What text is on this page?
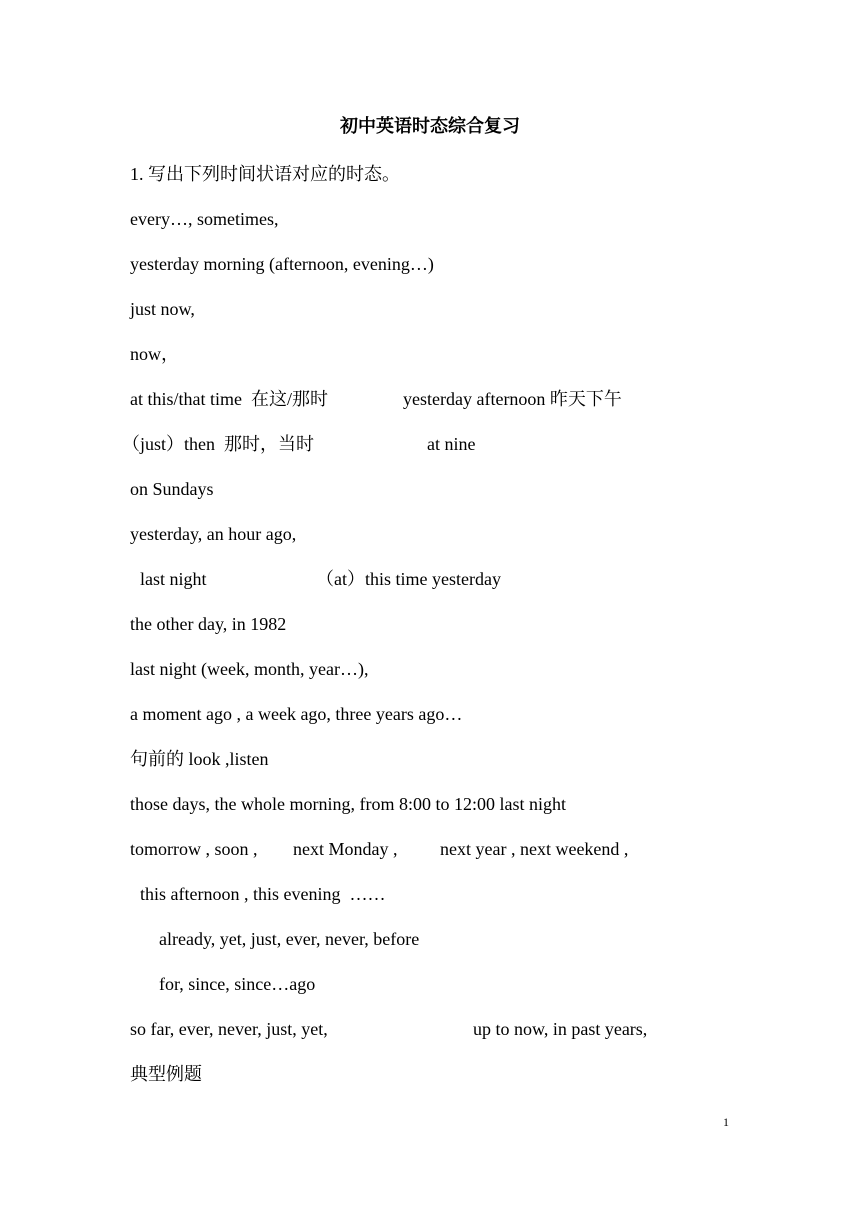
初中英语时态综合复习
1. 写出下列时间状语对应的时态。
every…, sometimes,
yesterday morning (afternoon, evening…)
just now,
now，

at this/that time  在这/那时

	yesterday afternoon 昨天下午

（just）then  那时，当时

	at nine

on Sundays
yesterday, an hour ago,

last night

	（at）this time yesterday

the other day, in 1982
last night (week, month, year…),
a moment ago , a week ago, three years ago…
句前的 look ,listen
those days, the whole morning, from 8:00 to 12:00 last night

tomorrow , soon ,

next Monday ,

next year , next weekend ,

this afternoon , this evening  ……
already, yet, just, ever, never, before
for, since, since…ago

so far, ever, never, just, yet,

	up to now, in past years,

典型例题
1
